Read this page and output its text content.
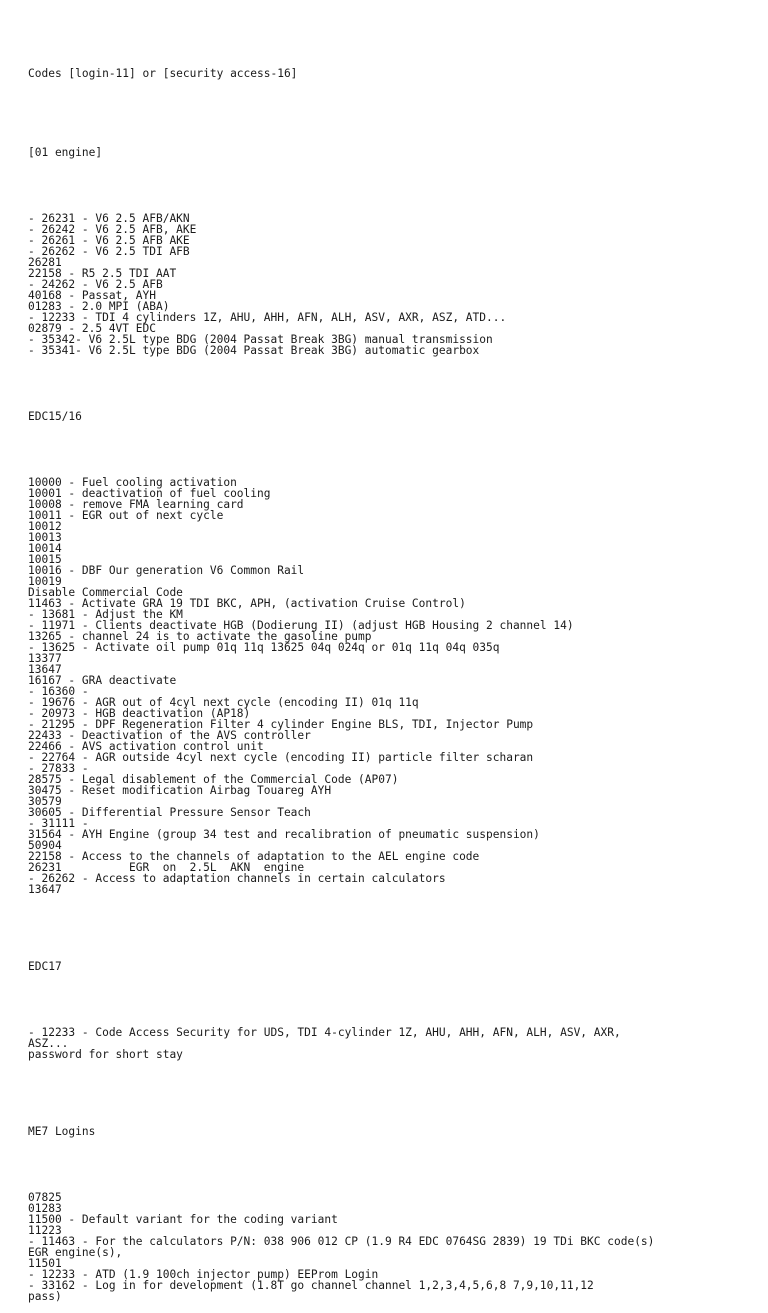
Codes [login-11] or [security access-16]

[01 engine]

- 26231 - V6 2.5 AFB/AKN
- 26242 - V6 2.5 AFB, AKE
- 26261 - V6 2.5 AFB AKE
- 26262 - V6 2.5 TDI AFB
26281
22158 - R5 2.5 TDI AAT
- 24262 - V6 2.5 AFB
40168 - Passat, AYH
01283 - 2.0 MPI (ABA)
- 12233 - TDI 4 cylinders 1Z, AHU, AHH, AFN, ALH, ASV, AXR, ASZ, ATD...
02879 - 2.5 4VT EDC
- 35342- V6 2.5L type BDG (2004 Passat Break 3BG) manual transmission
- 35341- V6 2.5L type BDG (2004 Passat Break 3BG) automatic gearbox

EDC15/16

10000 - Fuel cooling activation
10001 - deactivation of fuel cooling
10008 - remove FMA learning card
10011 - EGR out of next cycle
10012
10013
10014
10015
10016 - DBF Our generation V6 Common Rail
10019
Disable Commercial Code
11463 - Activate GRA 19 TDI BKC, APH, (activation Cruise Control)
- 13681 - Adjust the KM
- 11971 - Clients deactivate HGB (Dodierung II) (adjust HGB Housing 2 channel 14)
13265 - channel 24 is to activate the gasoline pump
- 13625 - Activate oil pump 01q 11q 13625 04q 024q or 01q 11q 04q 035q
13377
13647
16167 - GRA deactivate
- 16360 -
- 19676 - AGR out of 4cyl next cycle (encoding II) 01q 11q
- 20973 - HGB deactivation (AP18)
- 21295 - DPF Regeneration Filter 4 cylinder Engine BLS, TDI, Injector Pump
22433 - Deactivation of the AVS controller
22466 - AVS activation control unit
- 22764 - AGR outside 4cyl next cycle (encoding II) particle filter scharan
- 27833 -
28575 - Legal disablement of the Commercial Code (AP07)
30475 - Reset modification Airbag Touareg AYH
30579
30605 - Differential Pressure Sensor Teach
- 31111 -
31564 - AYH Engine (group 34 test and recalibration of pneumatic suspension)
50904
22158 - Access to the channels of adaptation to the AEL engine code
26231          EGR  on  2.5L  AKN  engine
- 26262 - Access to adaptation channels in certain calculators
13647

EDC17

- 12233 - Code Access Security for UDS, TDI 4-cylinder 1Z, AHU, AHH, AFN, ALH, ASV, AXR,
ASZ...
password for short stay

ME7 Logins

07825
01283
11500 - Default variant for the coding variant
11223
- 11463 - For the calculators P/N: 038 906 012 CP (1.9 R4 EDC 0764SG 2839) 19 TDi BKC code(s)
EGR engine(s),
11501
- 12233 - ATD (1.9 100ch injector pump) EEProm Login
- 33162 - Log in for development (1.8T go channel channel 1,2,3,4,5,6,8 7,9,10,11,12
pass)
